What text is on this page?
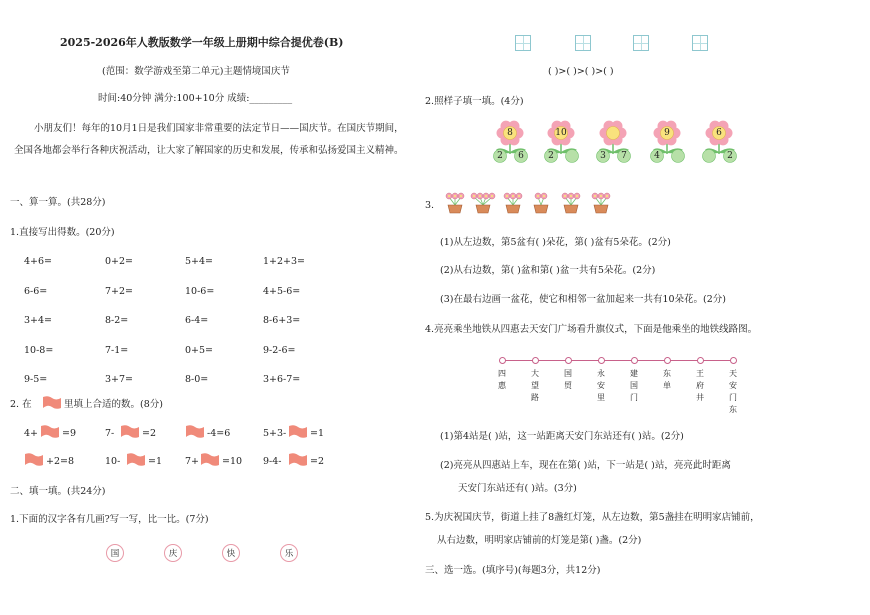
2025-2026年人教版数学一年级上册期中综合提优卷(B)
(范围：数学游戏至第二单元)主题情境国庆节
时间:40分钟 满分:100+10分 成绩:_________
小朋友们！每年的10月1日是我们国家非常重要的法定节日——国庆节。在国庆节期间，全国各地都会举行各种庆祝活动，让大家了解国家的历史和发展，传承和弘扬爱国主义精神。
一、算一算。(共28分)
1.直接写出得数。(20分)
4+6=	0+2=	5+4=	1+2+3=
6-6=	7+2=	10-6=	4+5-6=
3+4=	8-2=	6-4=	8-6+3=
10-8=	7-1=	0+5=	9-2-6=
9-5=	3+7=	8-0=	3+6-7=
2. 在	里填上合适的数。(8分)
4+	=9	7-	=2	-4=6	5+3- =1
+2=8	10-	=1 7+ =10 9-4-	=2
二、填一填。(共24分)
1.下面的汉字各有几画?写一写，比一比。(7分)
国	庆	快	乐
( )>( )>( )>( )
2.照样子填一填。(4分)
8
2	6
10
2	3	7
9
4
6
2
3.
(1)从左边数，第5盆有( )朵花，第( )盆有5朵花。(2分)
(2)从右边数，第( )盆和第( )盆一共有5朵花。(2分)
(3)在最右边画一盆花，使它和相邻一盆加起来一共有10朵花。(2分)
4.亮亮乘坐地铁从四惠去天安门广场看升旗仪式，下面是他乘坐的地铁线路图。
四惠
大望路
国贸
永安里
建国门
东单
王府井
天安门东
(1)第4站是( )站，这一站距离天安门东站还有( )站。(2分)
(2)亮亮从四惠站上车，现在在第( )站，下一站是( )站，亮亮此时距离
天安门东站还有( )站。(3分)
5.为庆祝国庆节，街道上挂了8盏红灯笼，从左边数，第5盏挂在明明家店铺前，
从右边数，明明家店铺前的灯笼是第( )盏。(2分)
三、选一选。(填序号)(每题3分，共12分)
